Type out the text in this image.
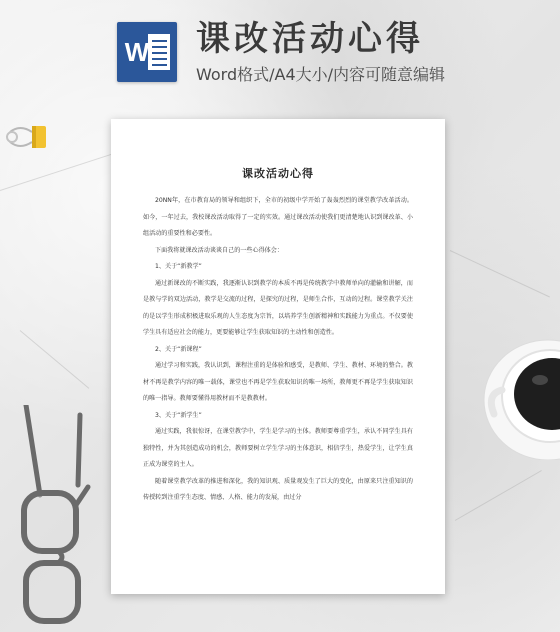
W 课改活动心得
Word格式/A4大小/内容可随意编辑
课改活动心得

20NN年，在市教育局的领导和组织下，全市的初级中学开始了轰轰烈烈的课堂教学改革活动。如今，一年过去，我校课改活动取得了一定的实效。通过课改活动使我们更清楚地认识到课改革、小组活动的重要性和必要性。

下面我将就课改活动谈谈自己的一些心得体会：

1、关于“新教学”

通过新课改的不断实践，我逐渐认识到教学的本质不再是传统教学中教师单向的灌输和讲解，而是教与学的双边活动，教学是交流的过程，是探究的过程，是师生合作，互动的过程。课堂教学关注的是以学生形成积极进取乐观的人生态度为宗旨，以培养学生创新精神和实践能力为重点。不仅要使学生具有适应社会的能力，更要能够让学生获取知识的主动性和创造性。

2、关于“新课程”

通过学习和实践，我认识到，课程注重的是体验和感受，是教师、学生、教材、环境的整合。教材不再是教学内容的唯一载体，课堂也不再是学生获取知识的唯一场所，教师更不再是学生获取知识的唯一指导。教师要懂得用教材而不是教教材。

3、关于“新学生”

通过实践，我很惊讶，在课堂教学中，学生是学习的主体。教师要尊重学生，承认不同学生具有独特性，并为其创造成功的机会，教师要树立学生学习的主体意识，相信学生，热爱学生，让学生真正成为课堂的主人。

随着课堂教学改革的推进和深化，我的知识观、质量观发生了巨大的变化，由原来只注重知识的传授转到注重学生态度、情感、人格、能力的发展，由过分
